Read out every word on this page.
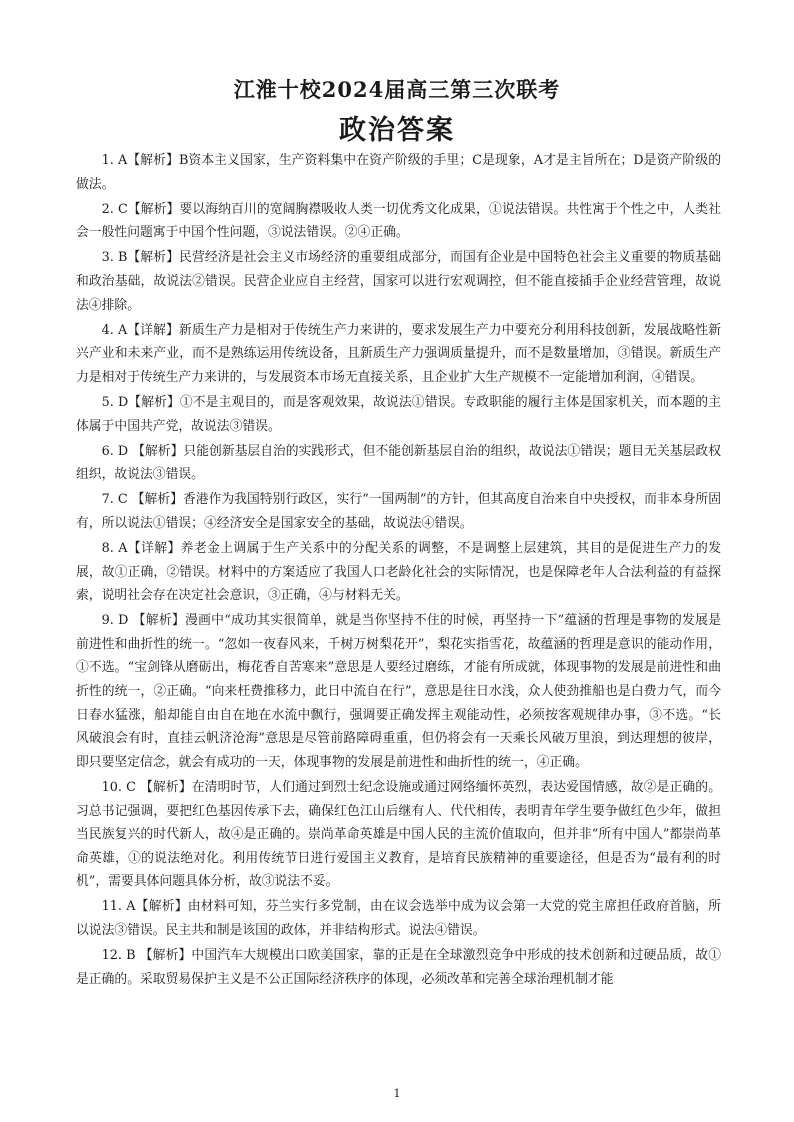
江淮十校2024届高三第三次联考
政治答案

1. A【解析】B资本主义国家，生产资料集中在资产阶级的手里；C是现象，A才是主旨所在；D是资产阶级的做法。

2. C【解析】要以海纳百川的宽阔胸襟吸收人类一切优秀文化成果，①说法错误。共性寓于个性之中，人类社会一般性问题寓于中国个性问题，③说法错误。②④正确。

3. B【解析】民营经济是社会主义市场经济的重要组成部分，而国有企业是中国特色社会主义重要的物质基础和政治基础，故说法②错误。民营企业应自主经营，国家可以进行宏观调控，但不能直接插手企业经营管理，故说法④排除。

4. A【详解】新质生产力是相对于传统生产力来讲的，要求发展生产力中要充分利用科技创新，发展战略性新兴产业和未来产业，而不是熟练运用传统设备，且新质生产力强调质量提升，而不是数量增加，③错误。新质生产力是相对于传统生产力来讲的，与发展资本市场无直接关系，且企业扩大生产规模不一定能增加利润，④错误。

5. D【解析】①不是主观目的，而是客观效果，故说法①错误。专政职能的履行主体是国家机关，而本题的主体属于中国共产党，故说法③错误。

6. D 【解析】只能创新基层自治的实践形式，但不能创新基层自治的组织，故说法①错误；题目无关基层政权组织，故说法③错误。

7. C 【解析】香港作为我国特别行政区，实行“一国两制”的方针，但其高度自治来自中央授权，而非本身所固有，所以说法①错误；④经济安全是国家安全的基础，故说法④错误。

8. A【详解】养老金上调属于生产关系中的分配关系的调整，不是调整上层建筑，其目的是促进生产力的发展，故①正确，②错误。材料中的方案适应了我国人口老龄化社会的实际情况，也是保障老年人合法利益的有益探索，说明社会存在决定社会意识，③正确，④与材料无关。

9. D 【解析】漫画中“成功其实很简单，就是当你坚持不住的时候，再坚持一下”蕴涵的哲理是事物的发展是前进性和曲折性的统一。“忽如一夜春风来，千树万树梨花开”，梨花实指雪花，故蕴涵的哲理是意识的能动作用，①不选。“宝剑锋从磨砺出，梅花香自苦寒来”意思是人要经过磨练，才能有所成就，体现事物的发展是前进性和曲折性的统一，②正确。“向来枉费推移力，此日中流自在行”，意思是往日水浅，众人使劲推船也是白费力气，而今日春水猛涨，船却能自由自在地在水流中飘行，强调要正确发挥主观能动性，必须按客观规律办事，③不选。“长风破浪会有时，直挂云帆济沧海”意思是尽管前路障碍重重，但仍将会有一天乘长风破万里浪，到达理想的彼岸，即只要坚定信念，就会有成功的一天，体现事物的发展是前进性和曲折性的统一，④正确。

10. C 【解析】在清明时节，人们通过到烈士纪念设施或通过网络缅怀英烈，表达爱国情感，故②是正确的。习总书记强调，要把红色基因传承下去，确保红色江山后继有人、代代相传，表明青年学生要争做红色少年，做担当民族复兴的时代新人，故④是正确的。崇尚革命英雄是中国人民的主流价值取向，但并非“所有中国人”都崇尚革命英雄，①的说法绝对化。利用传统节日进行爱国主义教育，是培育民族精神的重要途径，但是否为“最有利的时机”，需要具体问题具体分析，故③说法不妥。

11. A【解析】由材料可知，芬兰实行多党制，由在议会选举中成为议会第一大党的党主席担任政府首脑，所以说法③错误。民主共和制是该国的政体，并非结构形式。说法④错误。

12. B 【解析】中国汽车大规模出口欧美国家，靠的正是在全球激烈竞争中形成的技术创新和过硬品质，故①是正确的。采取贸易保护主义是不公正国际经济秩序的体现，必须改革和完善全球治理机制才能

1
